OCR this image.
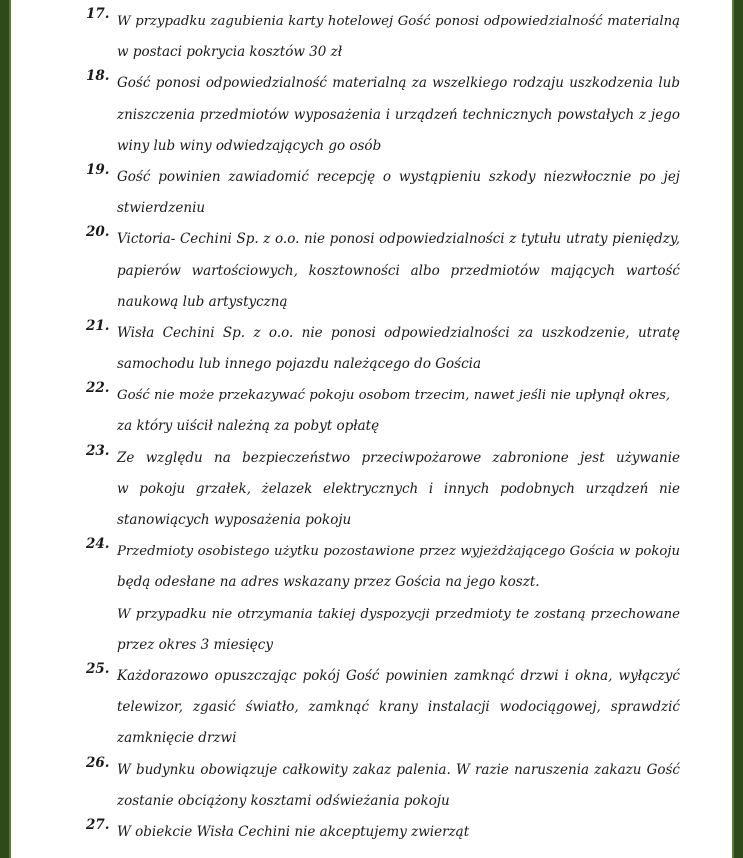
17. W przypadku zagubienia karty hotelowej Gość ponosi odpowiedzialność materialną
w postaci pokrycia kosztów 30 zł
18. Gość ponosi odpowiedzialność materialną za wszelkiego rodzaju uszkodzenia lub
zniszczenia przedmiotów wyposażenia i urządzeń technicznych powstałych z jego
winy lub winy odwiedzających go osób
19. Gość powinien zawiadomić recepcję o wystąpieniu szkody niezwłocznie po jej
stwierdzeniu
20. Victoria- Cechini Sp. z o.o. nie ponosi odpowiedzialności z tytułu utraty pieniędzy,
papierów wartościowych, kosztowności albo przedmiotów mających wartość
naukową lub artystyczną
21. Wisła Cechini Sp. z o.o. nie ponosi odpowiedzialności za uszkodzenie, utratę
samochodu lub innego pojazdu należącego do Gościa
22. Gość nie może przekazywać pokoju osobom trzecim, nawet jeśli nie upłynął okres,
za który uiścił należną za pobyt opłatę
23. Ze względu na bezpieczeństwo przeciwpożarowe zabronione jest używanie
w pokoju grzałek, żelazek elektrycznych i innych podobnych urządzeń nie
stanowiących wyposażenia pokoju
24. Przedmioty osobistego użytku pozostawione przez wyjeżdżającego Gościa w pokoju
będą odesłane na adres wskazany przez Gościa na jego koszt.
W przypadku nie otrzymania takiej dyspozycji przedmioty te zostaną przechowane
przez okres 3 miesięcy
25. Każdorazowo opuszczając pokój Gość powinien zamknąć drzwi i okna, wyłączyć
telewizor, zgasić światło, zamknąć krany instalacji wodociągowej, sprawdzić
zamknięcie drzwi
26. W budynku obowiązuje całkowity zakaz palenia. W razie naruszenia zakazu Gość
zostanie obciążony kosztami odświeżania pokoju
27. W obiekcie Wisła Cechini nie akceptujemy zwierząt
